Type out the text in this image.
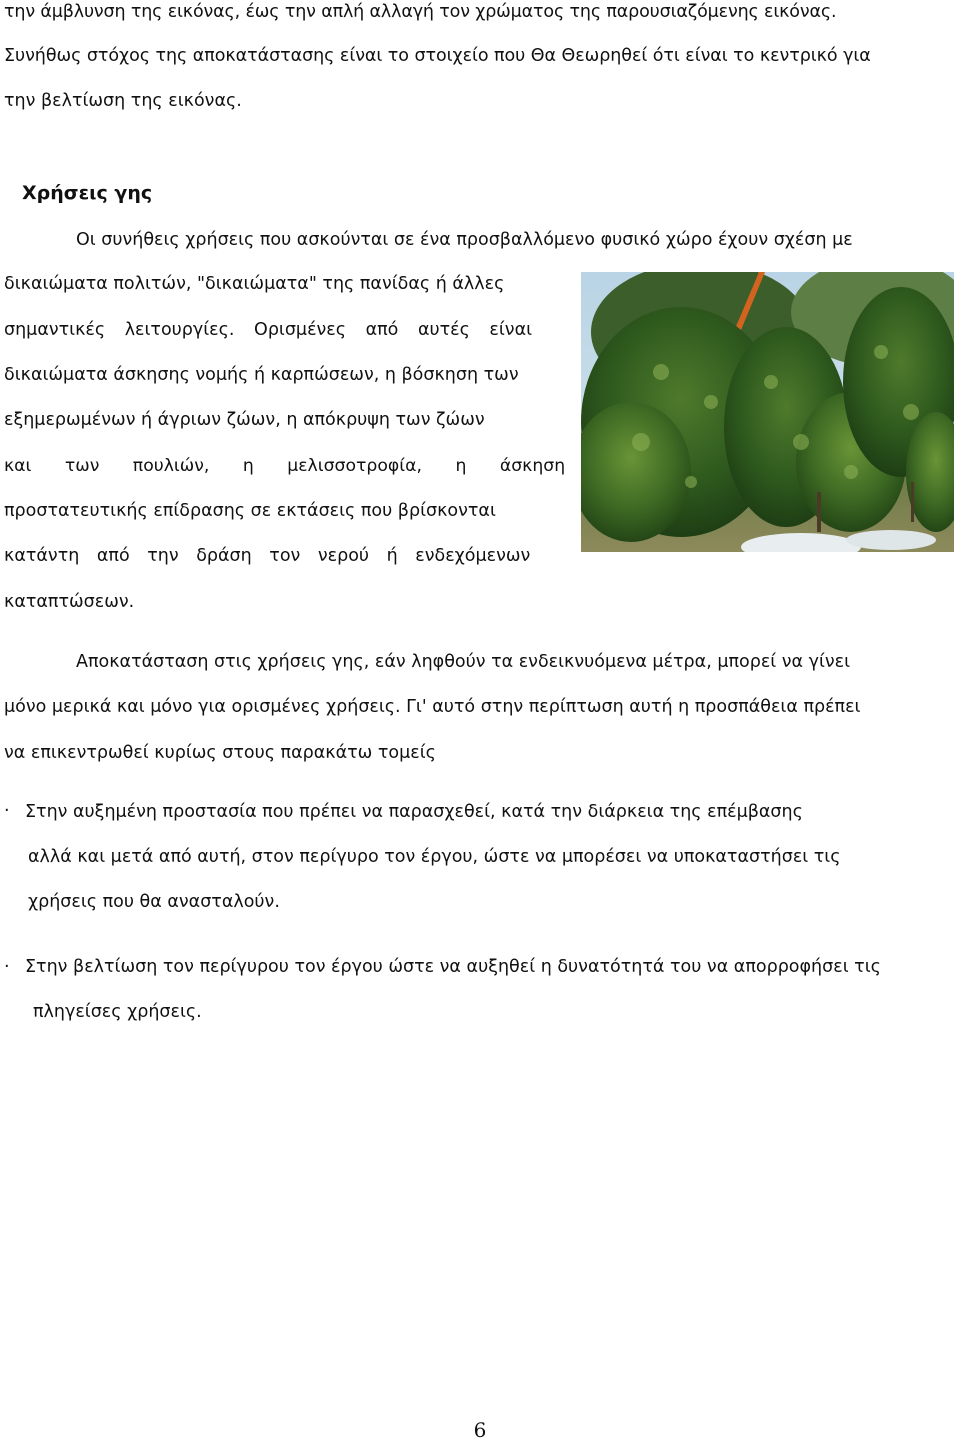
την άμβλυνση της εικόνας, έως την απλή αλλαγή τον χρώματος της παρουσιαζόμενης εικόνας.
Συνήθως στόχος της αποκατάστασης είναι το στοιχείο που Θα Θεωρηθεί ότι είναι το κεντρικό για
την βελτίωση της εικόνας.
Χρήσεις γης
Οι συνήθεις χρήσεις που ασκούνται σε ένα προσβαλλόμενο φυσικό χώρο έχουν σχέση με
δικαιώματα πολιτών, "δικαιώματα" της πανίδας ή άλλες
σημαντικές λειτουργίες. Ορισμένες από αυτές είναι
δικαιώματα άσκησης νομής ή καρπώσεων, η βόσκηση των
εξημερωμένων ή άγριων ζώων, η απόκρυψη των ζώων
και των πουλιών, η μελισσοτροφία, η άσκηση
προστατευτικής επίδρασης σε εκτάσεις που βρίσκονται
κατάντη από την δράση τον νερού ή ενδεχόμενων
καταπτώσεων.
Αποκατάσταση στις χρήσεις γης, εάν ληφθούν τα ενδεικνυόμενα μέτρα, μπορεί να γίνει
μόνο μερικά και μόνο για ορισμένες χρήσεις. Γι' αυτό στην περίπτωση αυτή η προσπάθεια πρέπει
να επικεντρωθεί κυρίως στους παρακάτω τομείς
· Στην αυξημένη προστασία που πρέπει να παρασχεθεί, κατά την διάρκεια της επέμβασης
αλλά και μετά από αυτή, στον περίγυρο τον έργου, ώστε να μπορέσει να υποκαταστήσει τις
χρήσεις που θα ανασταλούν.
· Στην βελτίωση τον περίγυρου τον έργου ώστε να αυξηθεί η δυνατότητά του να απορροφήσει τις
πληγείσες χρήσεις.
6
